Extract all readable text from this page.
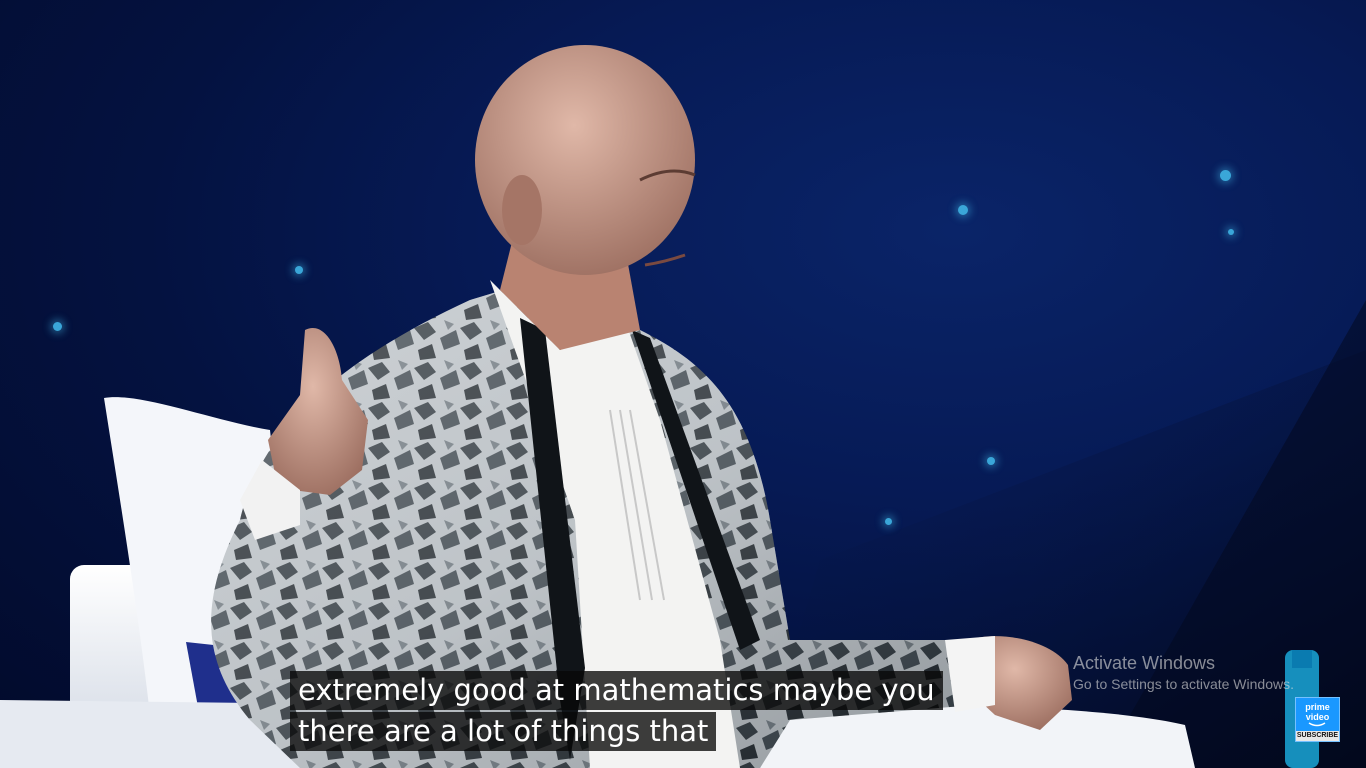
Activate Windows
Go to Settings to activate Windows.
extremely good at mathematics maybe you
there are a lot of things that
prime
video
SUBSCRIBE
